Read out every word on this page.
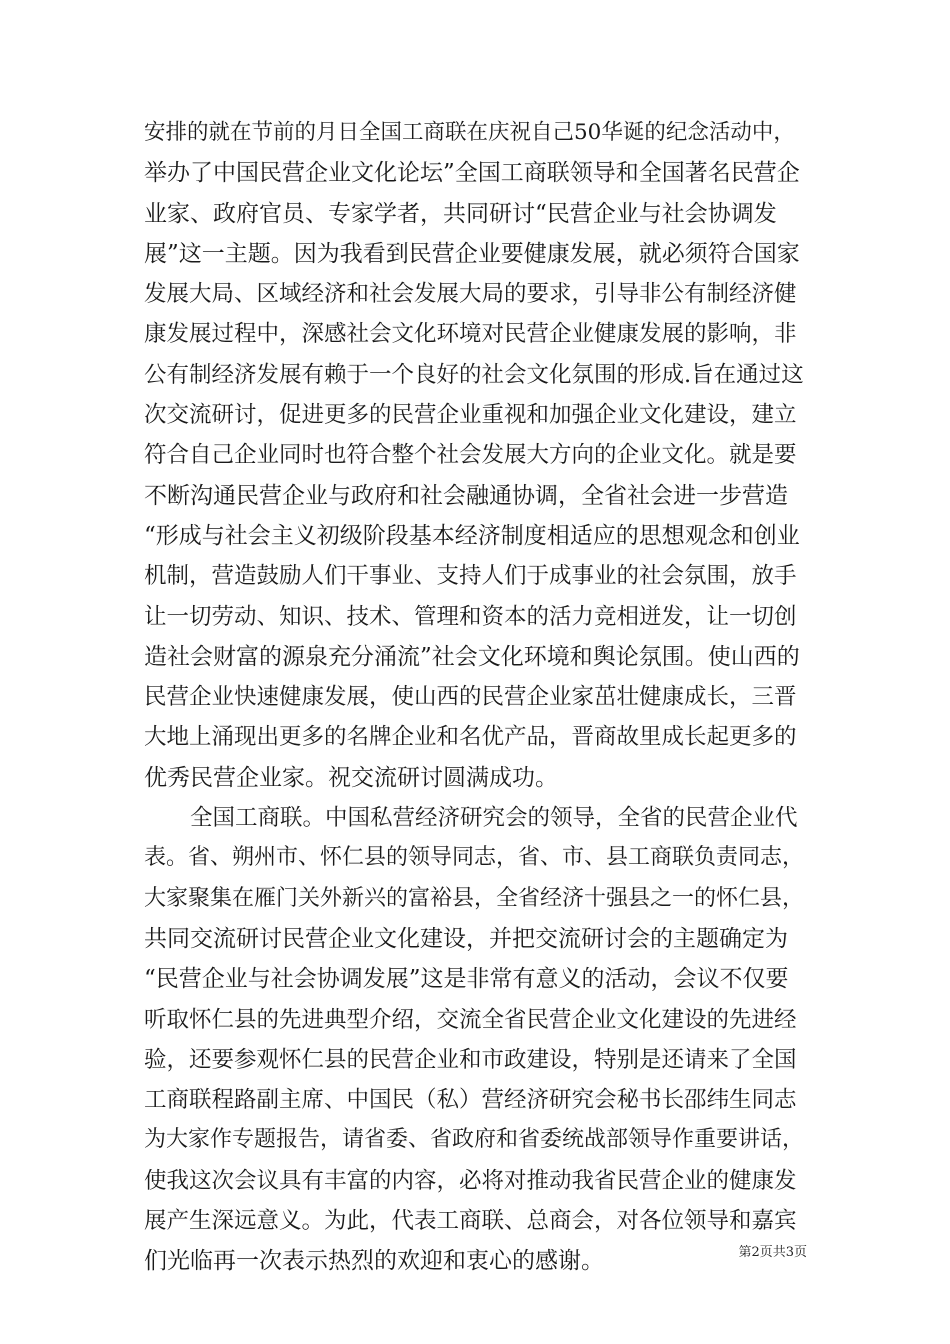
安排的就在节前的月日全国工商联在庆祝自己50华诞的纪念活动中，
举办了中国民营企业文化论坛”全国工商联领导和全国著名民营企
业家、政府官员、专家学者，共同研讨“民营企业与社会协调发
展”这一主题。因为我看到民营企业要健康发展，就必须符合国家
发展大局、区域经济和社会发展大局的要求，引导非公有制经济健
康发展过程中，深感社会文化环境对民营企业健康发展的影响，非
公有制经济发展有赖于一个良好的社会文化氛围的形成.旨在通过这
次交流研讨，促进更多的民营企业重视和加强企业文化建设，建立
符合自己企业同时也符合整个社会发展大方向的企业文化。就是要
不断沟通民营企业与政府和社会融通协调，全省社会进一步营造
“形成与社会主义初级阶段基本经济制度相适应的思想观念和创业
机制，营造鼓励人们干事业、支持人们于成事业的社会氛围，放手
让一切劳动、知识、技术、管理和资本的活力竞相迸发，让一切创
造社会财富的源泉充分涌流”社会文化环境和舆论氛围。使山西的
民营企业快速健康发展，使山西的民营企业家茁壮健康成长，三晋
大地上涌现出更多的名牌企业和名优产品，晋商故里成长起更多的
优秀民营企业家。祝交流研讨圆满成功。
全国工商联。中国私营经济研究会的领导，全省的民营企业代
表。省、朔州市、怀仁县的领导同志，省、市、县工商联负责同志，
大家聚集在雁门关外新兴的富裕县，全省经济十强县之一的怀仁县，
共同交流研讨民营企业文化建设，并把交流研讨会的主题确定为
“民营企业与社会协调发展”这是非常有意义的活动，会议不仅要
听取怀仁县的先进典型介绍，交流全省民营企业文化建设的先进经
验，还要参观怀仁县的民营企业和市政建设，特别是还请来了全国
工商联程路副主席、中国民（私）营经济研究会秘书长邵纬生同志
为大家作专题报告，请省委、省政府和省委统战部领导作重要讲话，
使我这次会议具有丰富的内容，必将对推动我省民营企业的健康发
展产生深远意义。为此，代表工商联、总商会，对各位领导和嘉宾
们光临再一次表示热烈的欢迎和衷心的感谢。	第2页共3页
